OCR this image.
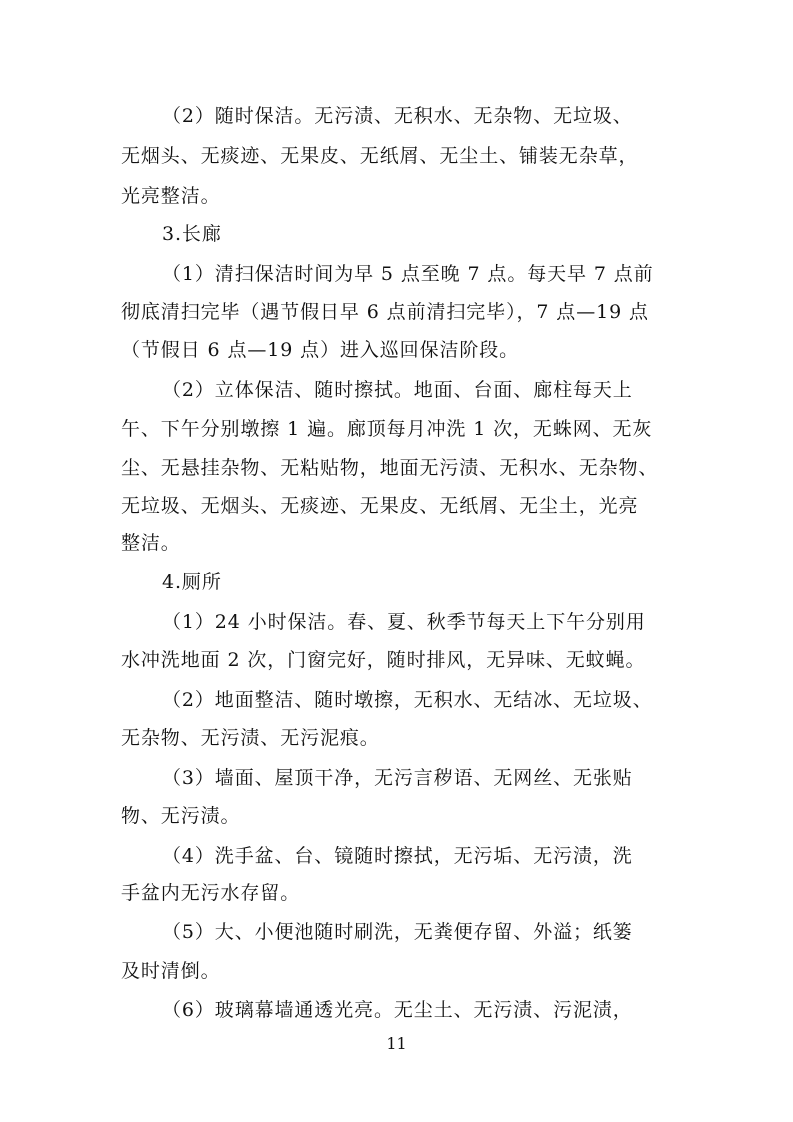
（2）随时保洁。无污渍、无积水、无杂物、无垃圾、
无烟头、无痰迹、无果皮、无纸屑、无尘土、铺装无杂草，
光亮整洁。
3.长廊
（1）清扫保洁时间为早 5 点至晚 7 点。每天早 7 点前
彻底清扫完毕（遇节假日早 6 点前清扫完毕），7 点—19 点
（节假日 6 点—19 点）进入巡回保洁阶段。
（2）立体保洁、随时擦拭。地面、台面、廊柱每天上
午、下午分别墩擦 1 遍。廊顶每月冲洗 1 次，无蛛网、无灰
尘、无悬挂杂物、无粘贴物，地面无污渍、无积水、无杂物、
无垃圾、无烟头、无痰迹、无果皮、无纸屑、无尘土，光亮
整洁。
4.厕所
（1）24 小时保洁。春、夏、秋季节每天上下午分别用
水冲洗地面 2 次，门窗完好，随时排风，无异味、无蚊蝇。
（2）地面整洁、随时墩擦，无积水、无结冰、无垃圾、
无杂物、无污渍、无污泥痕。
（3）墙面、屋顶干净，无污言秽语、无网丝、无张贴
物、无污渍。
（4）洗手盆、台、镜随时擦拭，无污垢、无污渍，洗
手盆内无污水存留。
（5）大、小便池随时刷洗，无粪便存留、外溢；纸篓
及时清倒。
（6）玻璃幕墙通透光亮。无尘土、无污渍、污泥渍，
11
